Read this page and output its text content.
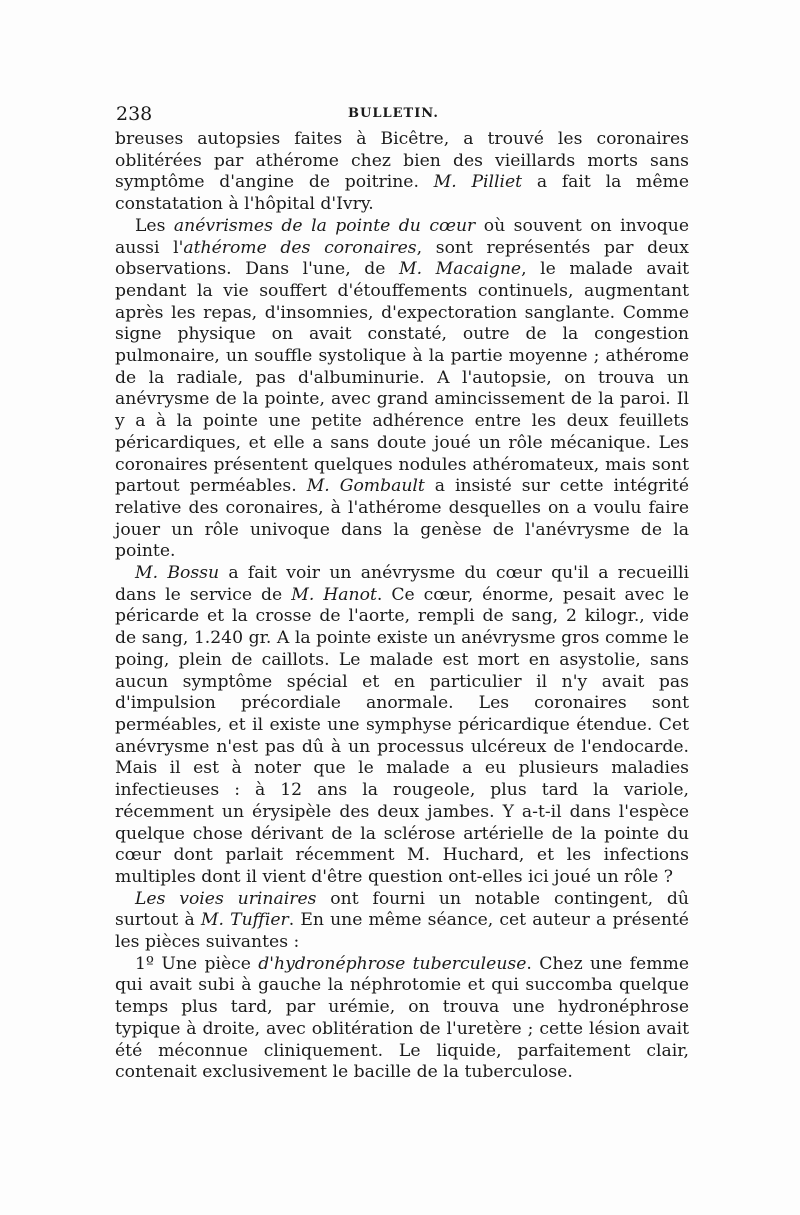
238	BULLETIN.

breuses autopsies faites à Bicêtre, a trouvé les coronaires oblitérées par athérome chez bien des vieillards morts sans symptôme d'angine de poitrine. M. Pilliet a fait la même constatation à l'hôpital d'Ivry.

Les anévrismes de la pointe du cœur où souvent on invoque aussi l'athérome des coronaires, sont représentés par deux observations. Dans l'une, de M. Macaigne, le malade avait pendant la vie souffert d'étouffements continuels, augmentant après les repas, d'insomnies, d'expectoration sanglante. Comme signe physique on avait constaté, outre de la congestion pulmonaire, un souffle systolique à la partie moyenne ; athérome de la radiale, pas d'albuminurie. A l'autopsie, on trouva un anévrysme de la pointe, avec grand amincissement de la paroi. Il y a à la pointe une petite adhérence entre les deux feuillets péricardiques, et elle a sans doute joué un rôle mécanique. Les coronaires présentent quelques nodules athéromateux, mais sont partout perméables. M. Gombault a insisté sur cette intégrité relative des coronaires, à l'athérome desquelles on a voulu faire jouer un rôle univoque dans la genèse de l'anévrysme de la pointe.

M. Bossu a fait voir un anévrysme du cœur qu'il a recueilli dans le service de M. Hanot. Ce cœur, énorme, pesait avec le péricarde et la crosse de l'aorte, rempli de sang, 2 kilogr., vide de sang, 1.240 gr. A la pointe existe un anévrysme gros comme le poing, plein de caillots. Le malade est mort en asystolie, sans aucun symptôme spécial et en particulier il n'y avait pas d'impulsion précordiale anormale. Les coronaires sont perméables, et il existe une symphyse péricardique étendue. Cet anévrysme n'est pas dû à un processus ulcéreux de l'endocarde. Mais il est à noter que le malade a eu plusieurs maladies infectieuses : à 12 ans la rougeole, plus tard la variole, récemment un érysipèle des deux jambes. Y a-t-il dans l'espèce quelque chose dérivant de la sclérose artérielle de la pointe du cœur dont parlait récemment M. Huchard, et les infections multiples dont il vient d'être question ont-elles ici joué un rôle ?

Les voies urinaires ont fourni un notable contingent, dû surtout à M. Tuffier. En une même séance, cet auteur a présenté les pièces suivantes :

1º Une pièce d'hydronéphrose tuberculeuse. Chez une femme qui avait subi à gauche la néphrotomie et qui succomba quelque temps plus tard, par urémie, on trouva une hydronéphrose typique à droite, avec oblitération de l'uretère ; cette lésion avait été méconnue cliniquement. Le liquide, parfaitement clair, contenait exclusivement le bacille de la tuberculose.
